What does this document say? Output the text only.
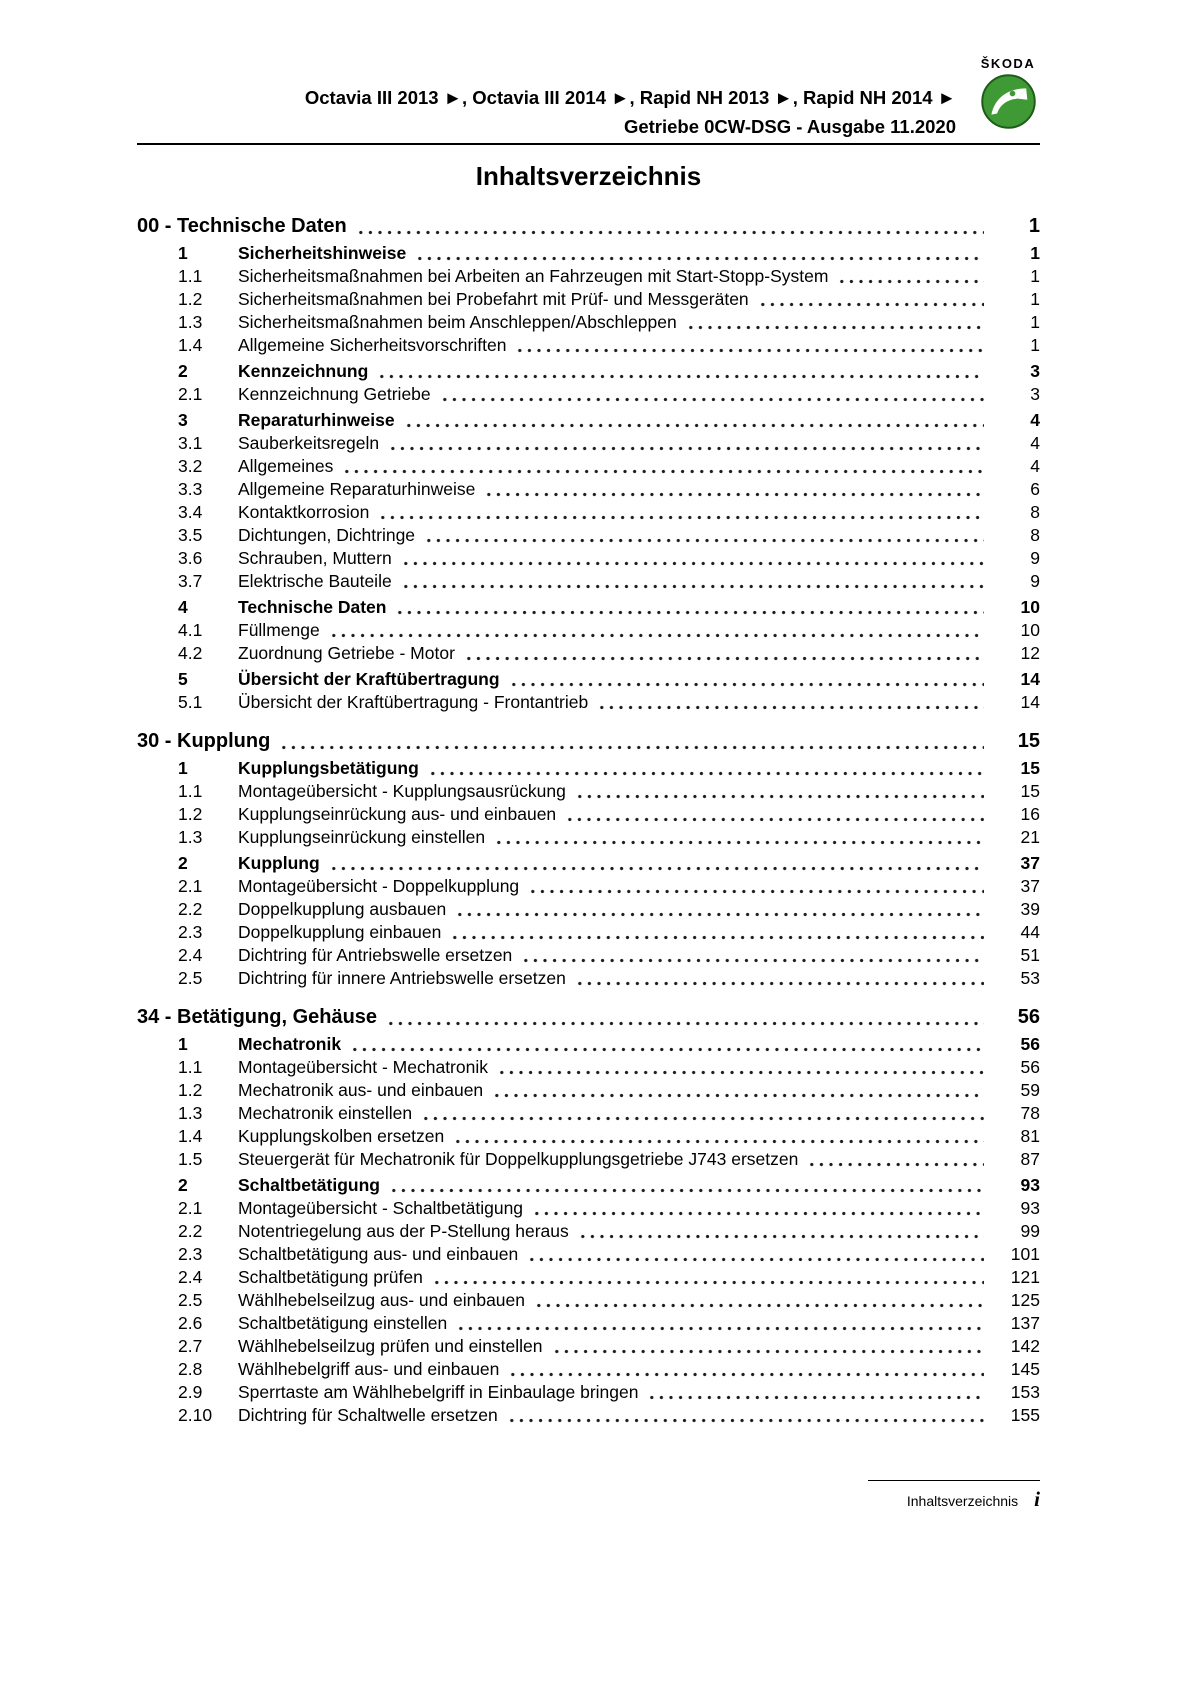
Octavia III 2013 ►, Octavia III 2014 ►, Rapid NH 2013 ►, Rapid NH 2014 ►
Getriebe 0CW-DSG - Ausgabe 11.2020
ŠKODA
Inhaltsverzeichnis
00 - Technische Daten	1
1	Sicherheitshinweise	1
1.1	Sicherheitsmaßnahmen bei Arbeiten an Fahrzeugen mit Start-Stopp-System	1
1.2	Sicherheitsmaßnahmen bei Probefahrt mit Prüf- und Messgeräten	1
1.3	Sicherheitsmaßnahmen beim Anschleppen/Abschleppen	1
1.4	Allgemeine Sicherheitsvorschriften	1
2	Kennzeichnung	3
2.1	Kennzeichnung Getriebe	3
3	Reparaturhinweise	4
3.1	Sauberkeitsregeln	4
3.2	Allgemeines	4
3.3	Allgemeine Reparaturhinweise	6
3.4	Kontaktkorrosion	8
3.5	Dichtungen, Dichtringe	8
3.6	Schrauben, Muttern	9
3.7	Elektrische Bauteile	9
4	Technische Daten	10
4.1	Füllmenge	10
4.2	Zuordnung Getriebe - Motor	12
5	Übersicht der Kraftübertragung	14
5.1	Übersicht der Kraftübertragung - Frontantrieb	14
30 - Kupplung	15
1	Kupplungsbetätigung	15
1.1	Montageübersicht - Kupplungsausrückung	15
1.2	Kupplungseinrückung aus- und einbauen	16
1.3	Kupplungseinrückung einstellen	21
2	Kupplung	37
2.1	Montageübersicht - Doppelkupplung	37
2.2	Doppelkupplung ausbauen	39
2.3	Doppelkupplung einbauen	44
2.4	Dichtring für Antriebswelle ersetzen	51
2.5	Dichtring für innere Antriebswelle ersetzen	53
34 - Betätigung, Gehäuse	56
1	Mechatronik	56
1.1	Montageübersicht - Mechatronik	56
1.2	Mechatronik aus- und einbauen	59
1.3	Mechatronik einstellen	78
1.4	Kupplungskolben ersetzen	81
1.5	Steuergerät für Mechatronik für Doppelkupplungsgetriebe J743 ersetzen	87
2	Schaltbetätigung	93
2.1	Montageübersicht - Schaltbetätigung	93
2.2	Notentriegelung aus der P-Stellung heraus	99
2.3	Schaltbetätigung aus- und einbauen	101
2.4	Schaltbetätigung prüfen	121
2.5	Wählhebelseilzug aus- und einbauen	125
2.6	Schaltbetätigung einstellen	137
2.7	Wählhebelseilzug prüfen und einstellen	142
2.8	Wählhebelgriff aus- und einbauen	145
2.9	Sperrtaste am Wählhebelgriff in Einbaulage bringen	153
2.10	Dichtring für Schaltwelle ersetzen	155
Inhaltsverzeichnis i
